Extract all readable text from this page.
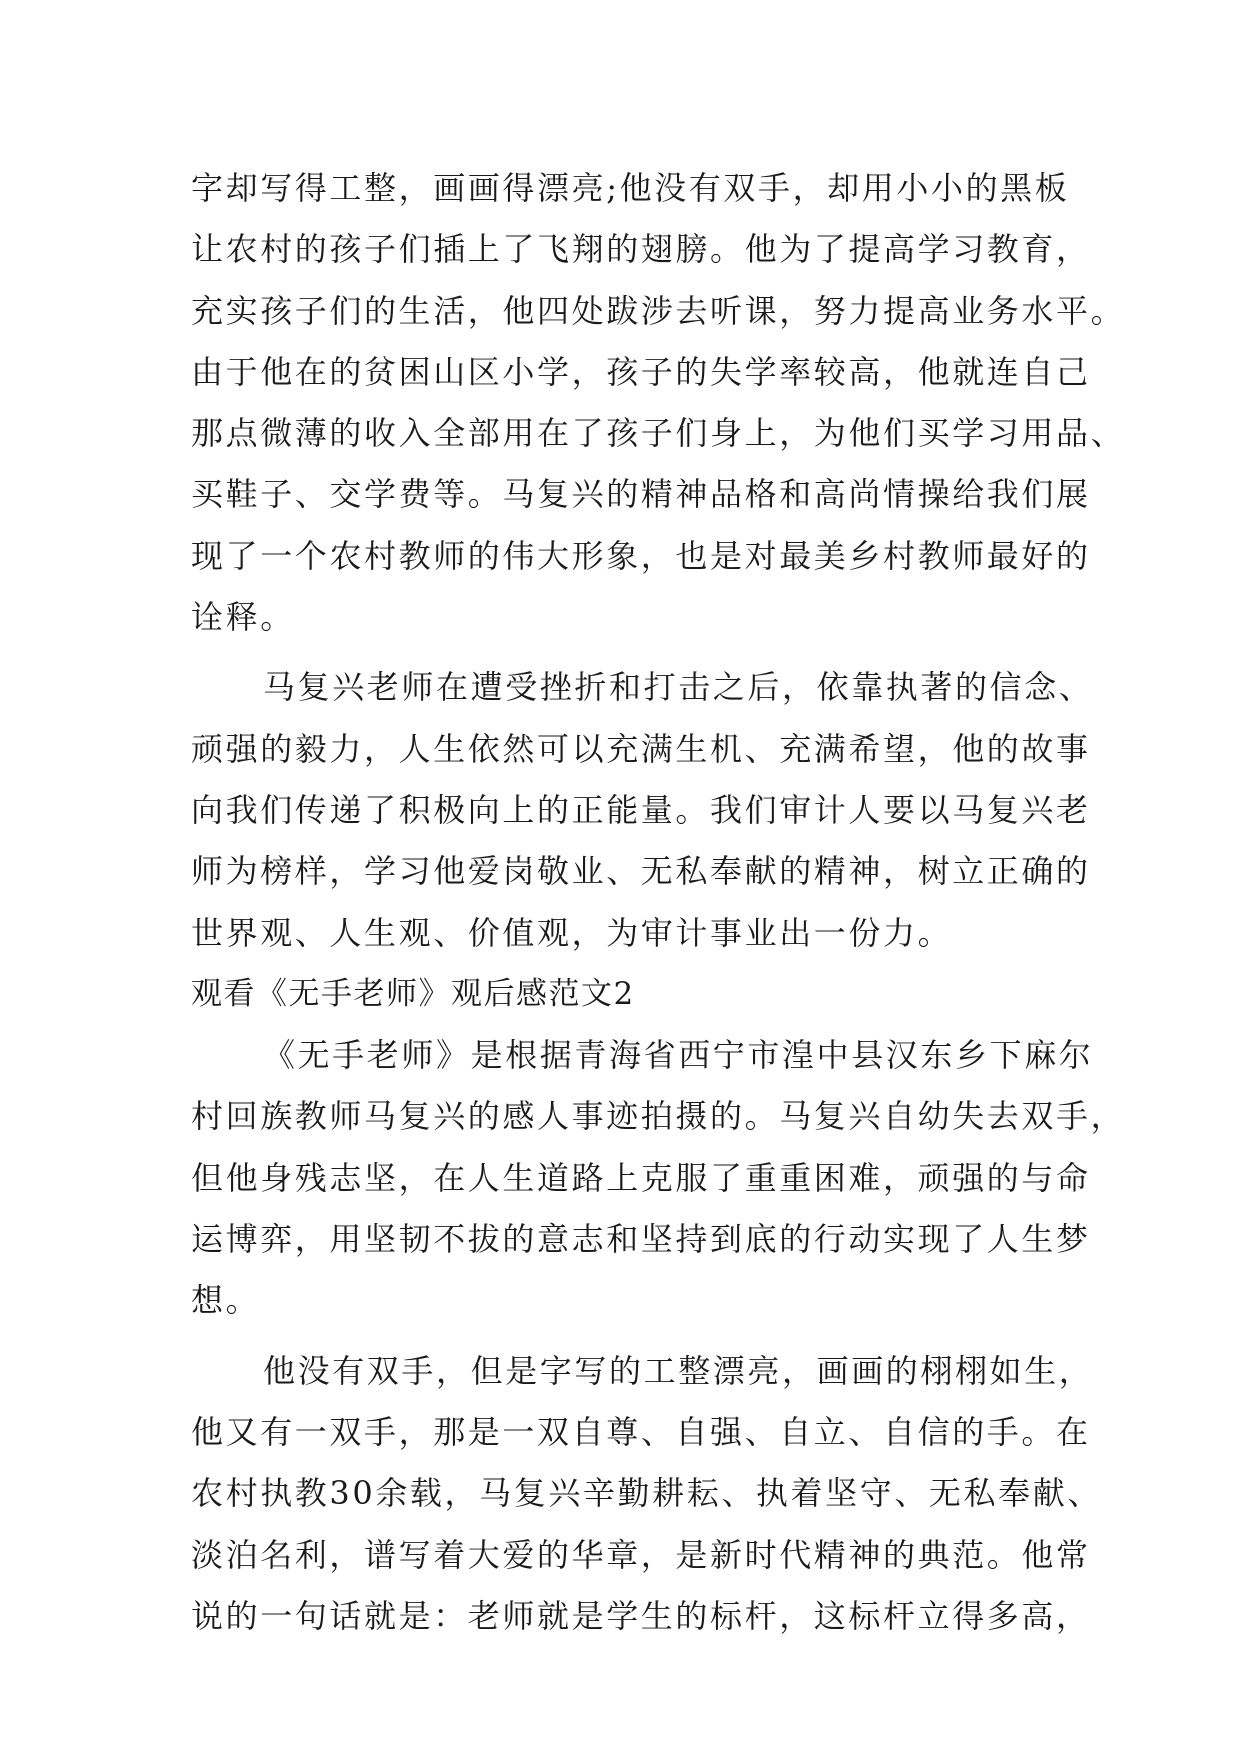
字却写得工整，画画得漂亮;他没有双手，却用小小的黑板
让农村的孩子们插上了飞翔的翅膀。他为了提高学习教育，
充实孩子们的生活，他四处跋涉去听课，努力提高业务水平。
由于他在的贫困山区小学，孩子的失学率较高，他就连自己
那点微薄的收入全部用在了孩子们身上，为他们买学习用品、
买鞋子、交学费等。马复兴的精神品格和高尚情操给我们展
现了一个农村教师的伟大形象，也是对最美乡村教师最好的
诠释。
马复兴老师在遭受挫折和打击之后，依靠执著的信念、
顽强的毅力，人生依然可以充满生机、充满希望，他的故事
向我们传递了积极向上的正能量。我们审计人要以马复兴老
师为榜样，学习他爱岗敬业、无私奉献的精神，树立正确的
世界观、人生观、价值观，为审计事业出一份力。
观看《无手老师》观后感范文2
《无手老师》是根据青海省西宁市湟中县汉东乡下麻尔
村回族教师马复兴的感人事迹拍摄的。马复兴自幼失去双手，
但他身残志坚，在人生道路上克服了重重困难，顽强的与命
运博弈，用坚韧不拔的意志和坚持到底的行动实现了人生梦
想。
他没有双手，但是字写的工整漂亮，画画的栩栩如生，
他又有一双手，那是一双自尊、自强、自立、自信的手。在
农村执教30余载，马复兴辛勤耕耘、执着坚守、无私奉献、
淡泊名利，谱写着大爱的华章，是新时代精神的典范。他常
说的一句话就是：老师就是学生的标杆，这标杆立得多高，
